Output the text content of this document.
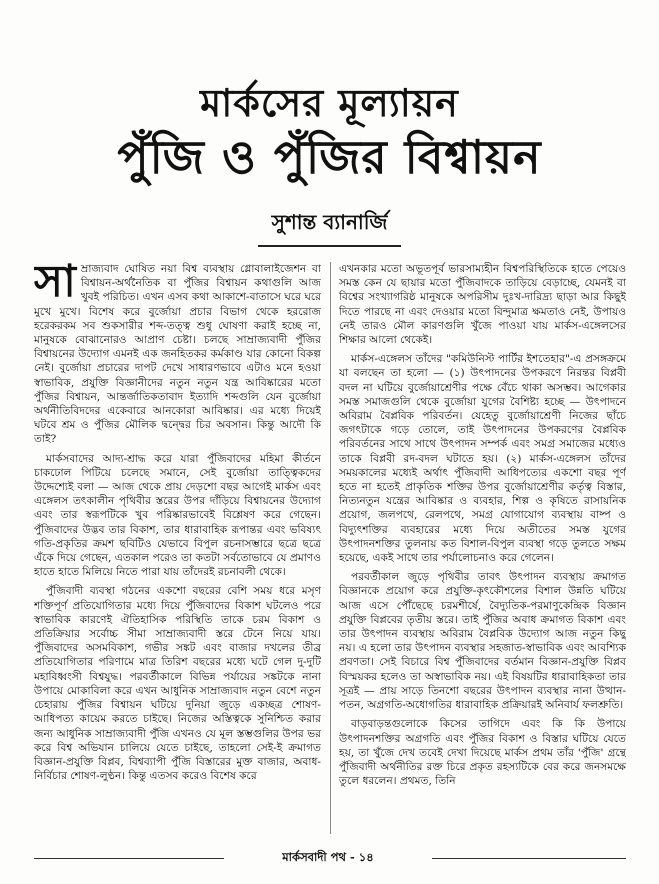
মার্কসের মূল্যায়ন
পুঁজি ও পুঁজির বিশ্বায়ন
সুশান্ত ব্যানার্জি

সাম্রাজ্যবাদ ঘোষিত নয়া বিশ্ব ব্যবস্থায় গ্লোবালাইজেশন বা বিশ্বায়ন-অর্থনৈতিক বা পুঁজির বিশ্বায়ন কথাগুলি আজ খুবই পরিচিত। এখন এসব কথা আকাশে-বাতাসে ঘরে ঘরে মুখে মুখে। বিশেষ করে বুর্জোয়া প্রচার বিভাগ থেকে হররোজ হরেকরকম সব শুকসারীর শব্দ-তত্ত্ব শুধু ঘোষণা করাই হচ্ছে না, মানুষকে বোঝানোরও আপ্রাণ চেষ্টা। চলছে সাম্রাজ্যবাদী পুঁজির বিশ্বায়নের উদ্যোগ এমনই এক জনহিতকর কর্মকাণ্ড যার কোনো বিকল্প নেই। বুর্জোয়া প্রচারের দাপট দেখে সাধারণভাবে এটাও মনে হওয়া স্বাভাবিক, প্রযুক্তি বিজ্ঞানীদের নতুন নতুন যন্ত্র আবিষ্কারের মতো পুঁজির বিশ্বায়ন, আন্তর্জাতিকতাবাদ ইত্যাদি শব্দগুলি যেন বুর্জোয়া অর্থনীতিবিদদের একেবারে আনকোরা আবিষ্কার। এর মধ্যে দিয়েই ঘটবে শ্রম ও পুঁজির মৌলিক দ্বন্দ্বের চির অবসান। কিন্তু আদৌ কি তাই?

মার্কসবাদের আদ্য-শ্রাদ্ধ করে যারা পুঁজিবাদের মহিমা কীর্তনে চাকঢোল পিটিয়ে চলেছে সমানে, সেই বুর্জোয়া তাত্ত্বিকদের উদ্দেশ্যেই বলা — আজ থেকে প্রায় দেড়শো বছর আগেই মার্কস এবং এঙ্গেলস তৎকালীন পৃথিবীর স্তরের উপর দাঁড়িয়ে বিশ্বায়নের উদ্যোগ এবং তার স্বরূপটিকে খুব পরিষ্কারভাবেই বিশ্লেষণ করে গেছেন। পুঁজিবাদের উদ্ভব তার বিকাশ, তার ধারাবাহিক রূপান্তর এবং ভবিষ্যৎ গতি-প্রকৃতির ক্রমশ ছবিটিও যেভাবে বিপুল রচনাসম্ভারে ছত্রে ছত্রে এঁকে দিয়ে গেছেন, এতকাল পরেও তা কতটা সর্বতোভাবে যে প্রমাণও হাতে হাতে মিলিয়ে নিতে পারা যায় তাঁদেরই রচনাবলী থেকে।

পুঁজিবাদী ব্যবস্থা গঠনের একশো বছরের বেশি সময় ধরে মসৃণ শক্তিপূর্ণ প্রতিযোগিতার মধ্যে দিয়ে পুঁজিবাদের বিকাশ ঘটলেও পরে স্বাভাবিক কারণেই ঐতিহাসিক পরিস্থিতি তাকে চরম বিকাশ ও প্রতিক্রিয়ার সর্বোচ্চ সীমা সাম্রাজ্যবাদী স্তরে টেনে নিয়ে যায়। পুঁজিবাদের অসমবিকাশ, গভীর সঙ্কট এবং বাজার দখলের তীব্র প্রতিযোগিতার পরিণামে মাত্র তিরিশ বছরের মধ্যে ঘটে গেল দু-দুটি মহাবিধ্বংসী বিশ্বযুদ্ধ। পরবর্তীকালে বিভিন্ন পর্যায়ের সঙ্কটকে নানা উপায়ে মোকাবিলা করে এখন আধুনিক সাম্রাজ্যবাদ নতুন বেশে নতুন চেহারায় পুঁজির বিশ্বায়ন ঘটিয়ে দুনিয়া জুড়ে একচ্ছত্র শোষণ-আধিপত্য কায়েম করতে চাইছে। নিজের অস্তিত্বকে সুনিশ্চিত করার জন্য আধুনিক সাম্রাজ্যবাদী পুঁজি এখনও যে মূল স্তম্ভগুলির উপর ভর করে বিশ্ব অভিযান চালিয়ে যেতে চাইছে, তাহলো সেই-ই ক্রমাগত বিজ্ঞান-প্রযুক্তি বিপ্লব, বিশ্বব্যাপী পুঁজি বিস্তারের মুক্ত বাজার, অবাধ-নির্বিচার শোষণ-লুণ্ঠন। কিন্তু এতসব করেও বিশেষ করে

এখনকার মতো অভূতপূর্ব ভারসাম্যহীন বিশ্বপরিস্থিতিকে হাতে পেয়েও সমস্ত কেন যে ছায়ার মতো পুঁজিবাদকে তাড়িয়ে বেড়াচ্ছে, যেমনই বা বিশ্বের সংখ্যাগরিষ্ঠ মানুষকে অপরিসীম দুঃখ-দারিদ্র্য ছাড়া আর কিছুই দিতে পারছে না এবং দেওয়ার মতো বিন্দুমাত্র ক্ষমতাও নেই, উপায়ও নেই তারও মৌল কারণগুলি খুঁজে পাওয়া যায় মার্কস-এঙ্গেলসের শিক্ষার আলো থেকেই।

মার্কস-এঙ্গেলস তাঁদের "কমিউনিস্ট পার্টির ইশতেহার"-এ প্রসঙ্গক্রমে যা বলছেন তা হলো — (১) উৎপাদনের উপকরণে নিরন্তর বিপ্লবী বদল না ঘটিয়ে বুর্জোয়াশ্রেণীর পক্ষে বেঁচে থাকা অসম্ভব। আগেকার সমস্ত সমাজগুলি থেকে বুর্জোয়া যুগের বৈশিষ্ট্য হচ্ছে — উৎপাদনে অবিরাম বৈপ্লবিক পরিবর্তন। যেহেতু বুর্জোয়াশ্রেণী নিজের ছাঁচে জগৎটাকে গড়ে তোলে, তাই উৎপাদনের উপকরণের বৈপ্লবিক পরিবর্তনের সাথে সাথে উৎপাদন সম্পর্ক এবং সমগ্র সমাজের মধ্যেও তাকে বিপ্লবী রদ-বদল ঘটাতে হয়। (২) মার্কস-এঙ্গেলস তাঁদের সময়কালের মধ্যেই অর্থাৎ পুঁজিবাদী আধিপত্যের একশো বছর পূর্ণ হতে না হতেই প্রাকৃতিক শক্তির উপর বুর্জোয়াশ্রেণীর কর্তৃত্ব বিস্তার, নিত্যনতুন যন্ত্রের আবিষ্কার ও ব্যবহার, শিল্প ও কৃষিতে রাসায়নিক প্রয়োগ, জলপথে, রেলপথে, সমগ্র যোগাযোগ ব্যবস্থায় বাষ্প ও বিদ্যুৎশক্তির ব্যবহারের মধ্যে দিয়ে অতীতের সমস্ত যুগের উৎপাদনশক্তির তুলনায় কত বিশাল-বিপুল ব্যবস্থা গড়ে তুলতে সক্ষম হয়েছে, একই সাথে তার পর্যালোচনাও করে গেলেন।

পরবর্তীকাল জুড়ে পৃথিবীর তাবৎ উৎপাদন ব্যবস্থায় ক্রমাগত বিজ্ঞানকে প্রয়োগ করে প্রযুক্তি-কৃৎকৌশলের বিশাল উন্নতি ঘটিয়ে আজ এসে পৌঁছেছে চরমশীর্ষে, বৈদ্যুতিক-পরমাণুকেন্দ্রিক বিজ্ঞান প্রযুক্তি বিপ্লবের তৃতীয় স্তরে। তাই পুঁজির অবাধ ক্রমাগত বিকাশ এবং তার উৎপাদন ব্যবস্থায় অবিরাম বৈপ্লবিক উদ্যোগ আজ নতুন কিছু নয়। এ হলো তার উৎপাদন ব্যবস্থার সহজাত-স্বাভাবিক এবং আবশ্যিক প্রবণতা। সেই বিচারে বিশ্ব পুঁজিবাদের বর্তমান বিজ্ঞান-প্রযুক্তি বিপ্লব বিস্ময়কর হলেও তা অস্বাভাবিক নয়। এই বিষয়টির ধারাবাহিকতা তার সূত্রই — প্রায় সাড়ে তিনশো বছরের উৎপাদন ব্যবস্থার নানা উত্থান-পতন, অগ্রগতি-অধোগতির ধারাবাহিক প্রক্রিয়ারই অনিবার্য ফলশ্রুতি।

বাড়বাড়ন্তগুলোকে কিসের তাগিদে এবং কি কি উপায়ে উৎপাদনশক্তির অগ্রগতি এবং পুঁজির বিকাশ ও বিস্তার ঘটিয়ে যেতে হয়, তা খুঁজে দেখ তবেই দেখা দিয়েছে মার্কস প্রথম তাঁর 'পুঁজি' গ্রন্থে পুঁজিবাদী অর্থনীতির রক্ত চিরে প্রকৃত রহস্যটিকে বের করে জনসমক্ষে তুলে ধরলেন। প্রথমত, তিনি

মার্কসবাদী পথ - ১৪
